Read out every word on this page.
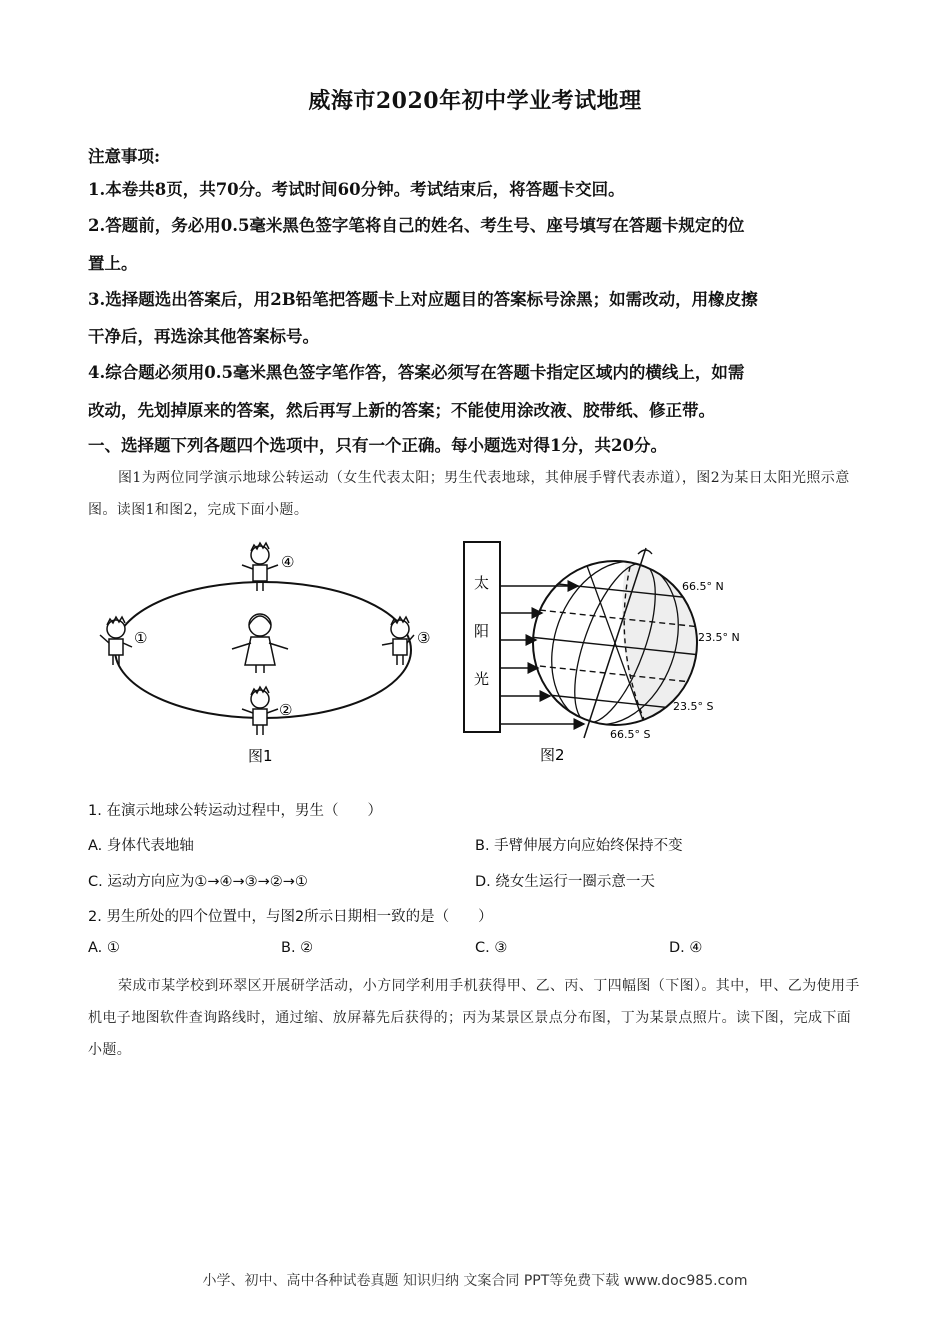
威海市2020年初中学业考试地理
注意事项:
1.本卷共8页，共70分。考试时间60分钟。考试结束后，将答题卡交回。
2.答题前，务必用0.5毫米黑色签字笔将自己的姓名、考生号、座号填写在答题卡规定的位
置上。
3.选择题选出答案后，用2B铅笔把答题卡上对应题目的答案标号涂黑；如需改动，用橡皮擦
干净后，再选涂其他答案标号。
4.综合题必须用0.5毫米黑色签字笔作答，答案必须写在答题卡指定区域内的横线上，如需
改动，先划掉原来的答案，然后再写上新的答案；不能使用涂改液、胶带纸、修正带。
一、选择题下列各题四个选项中，只有一个正确。每小题选对得1分，共20分。
图1为两位同学演示地球公转运动（女生代表太阳；男生代表地球，其伸展手臂代表赤道），图2为某日太阳光照示意图。读图1和图2，完成下面小题。
④
①	③
②
图1
太
阳
光
66.5° N
23.5° N
23.5° S
66.5° S
图2
1. 在演示地球公转运动过程中，男生（　　）
A. 身体代表地轴	B. 手臂伸展方向应始终保持不变
C. 运动方向应为①→④→③→②→①	D. 绕女生运行一圈示意一天
2. 男生所处的四个位置中，与图2所示日期相一致的是（　　）
A. ①	B. ②	C. ③	D. ④
荣成市某学校到环翠区开展研学活动，小方同学利用手机获得甲、乙、丙、丁四幅图（下图）。其中，甲、乙为使用手机电子地图软件查询路线时，通过缩、放屏幕先后获得的；丙为某景区景点分布图，丁为某景点照片。读下图，完成下面小题。
小学、初中、高中各种试卷真题 知识归纳 文案合同 PPT等免费下载 www.doc985.com
